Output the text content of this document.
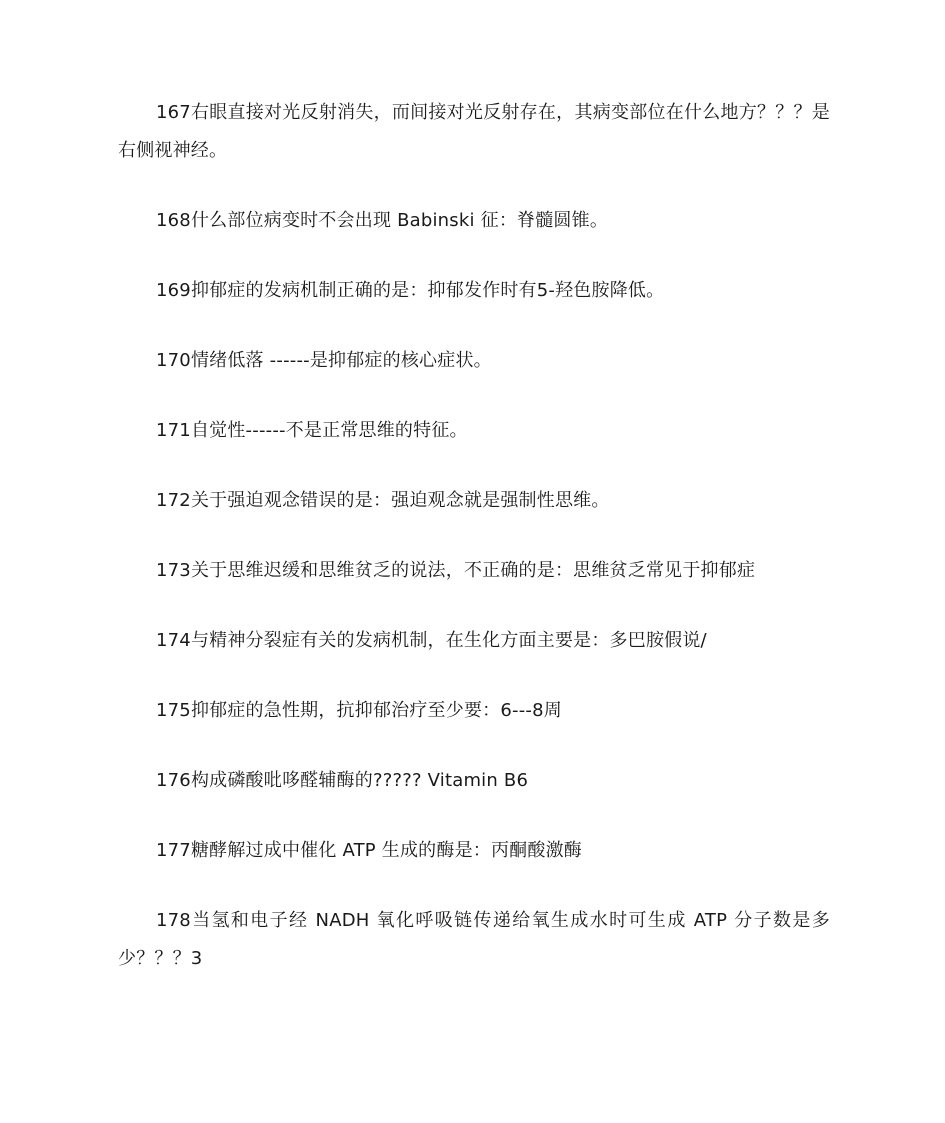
167右眼直接对光反射消失，而间接对光反射存在，其病变部位在什么地方？？？是右侧视神经。

168什么部位病变时不会出现 Babinski 征：脊髓圆锥。

169抑郁症的发病机制正确的是：抑郁发作时有5-羟色胺降低。

170情绪低落 ------是抑郁症的核心症状。

171自觉性------不是正常思维的特征。

172关于强迫观念错误的是：强迫观念就是强制性思维。

173关于思维迟缓和思维贫乏的说法，不正确的是：思维贫乏常见于抑郁症

174与精神分裂症有关的发病机制，在生化方面主要是：多巴胺假说/

175抑郁症的急性期，抗抑郁治疗至少要：6---8周

176构成磷酸吡哆醛辅酶的????? Vitamin B6

177糖酵解过成中催化 ATP 生成的酶是：丙酮酸激酶

178当氢和电子经 NADH 氧化呼吸链传递给氧生成水时可生成 ATP 分子数是多少？？？3
